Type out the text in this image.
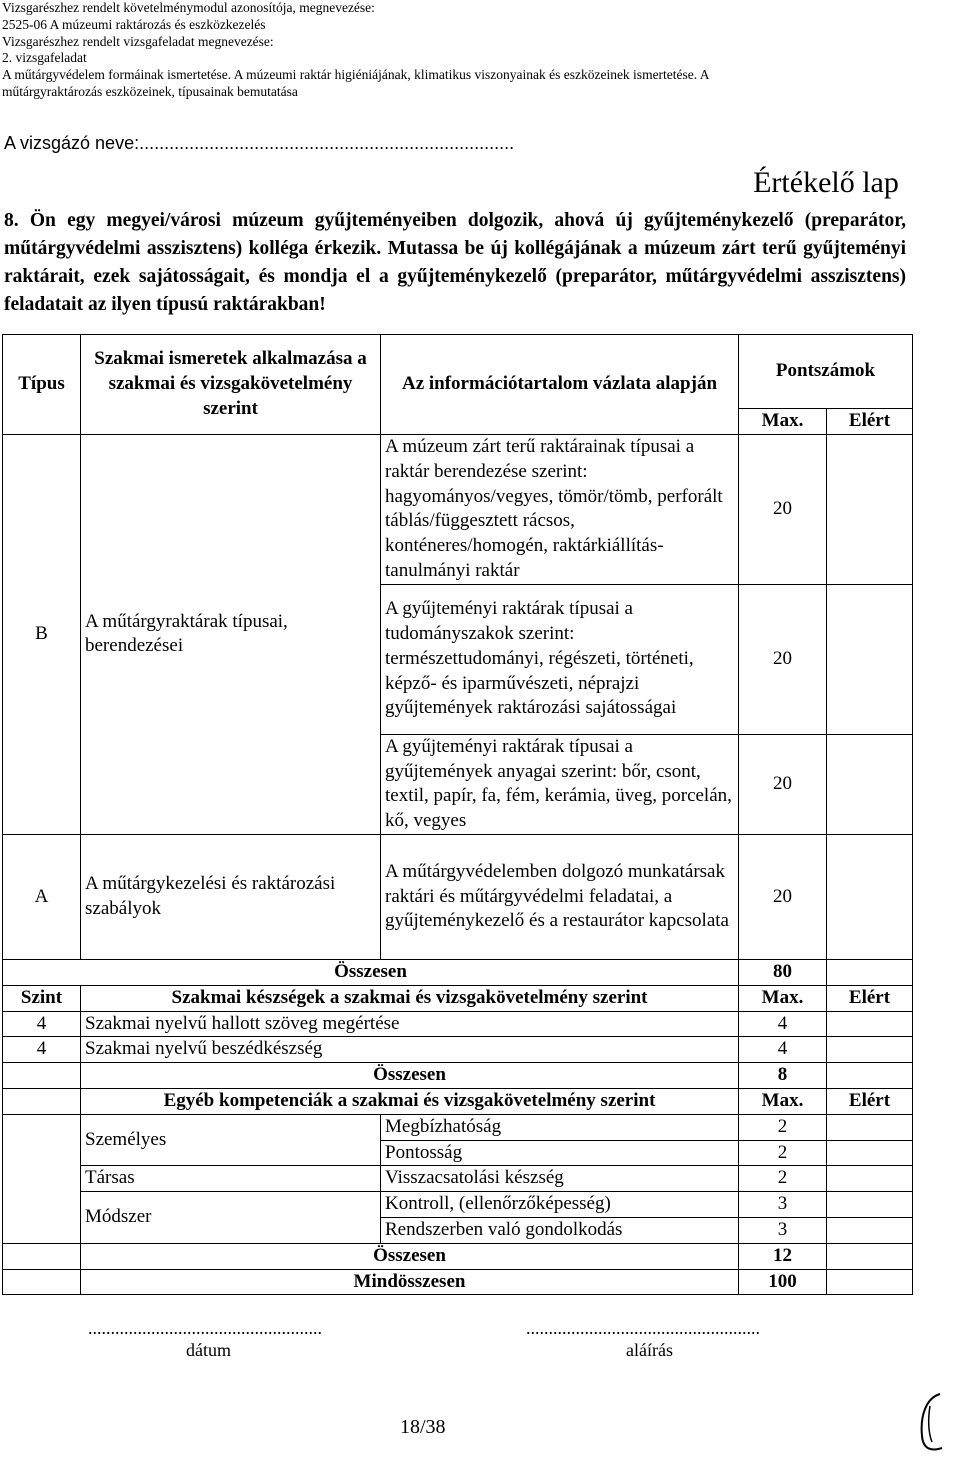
Vizsgarészhez rendelt követelménymodul azonosítója, megnevezése:
2525-06 A múzeumi raktározás és eszközkezelés
Vizsgarészhez rendelt vizsgafeladat megnevezése:
2. vizsgafeladat
A műtárgyvédelem formáinak ismertetése. A múzeumi raktár higiéniájának, klimatikus viszonyainak és eszközeinek ismertetése. A
műtárgyraktározás eszközeinek, típusainak bemutatása
A vizsgázó neve:...........................................................................
Értékelő lap
8. Ön egy megyei/városi múzeum gyűjteményeiben dolgozik, ahová új gyűjteménykezelő (preparátor, műtárgyvédelmi asszisztens) kolléga érkezik. Mutassa be új kollégájának a múzeum zárt terű gyűjteményi raktárait, ezek sajátosságait, és mondja el a gyűjteménykezelő (preparátor, műtárgyvédelmi asszisztens) feladatait az ilyen típusú raktárakban!
Típus	Szakmai ismeretek alkalmazása a szakmai és vizsgakövetelmény szerint	Az információtartalom vázlata alapján	Pontszámok	
			Max.	Elért
B	A műtárgyraktárak típusai, berendezései	A múzeum zárt terű raktárainak típusai a raktár berendezése szerint: hagyományos/vegyes, tömör/tömb, perforált táblás/függesztett rácsos, konténeres/homogén, raktárkiállítás-tanulmányi raktár	20	
		A gyűjteményi raktárak típusai a tudományszakok szerint: természettudományi, régészeti, történeti, képző- és iparművészeti, néprajzi gyűjtemények raktározási sajátosságai	20	
		A gyűjteményi raktárak típusai a gyűjtemények anyagai szerint: bőr, csont, textil, papír, fa, fém, kerámia, üveg, porcelán, kő, vegyes	20	
A	A műtárgykezelési és raktározási szabályok	A műtárgyvédelemben dolgozó munkatársak raktári és műtárgyvédelmi feladatai, a gyűjteménykezelő és a restaurátor kapcsolata	20	
Összesen			80	
Szint	Szakmai készségek a szakmai és vizsgakövetelmény szerint		Max.	Elért
4	Szakmai nyelvű hallott szöveg megértése		4	
4	Szakmai nyelvű beszédkészség		4	
	Összesen		8	
	Egyéb kompetenciák a szakmai és vizsgakövetelmény szerint		Max.	Elért
	Személyes	Megbízhatóság	2	
		Pontosság	2	
	Társas	Visszacsatolási készség	2	
	Módszer	Kontroll, (ellenőrzőképesség)	3	
		Rendszerben való gondolkodás	3	
	Összesen		12	
	Mindösszesen		100	
....................................................
dátum
....................................................
aláírás
18/38
